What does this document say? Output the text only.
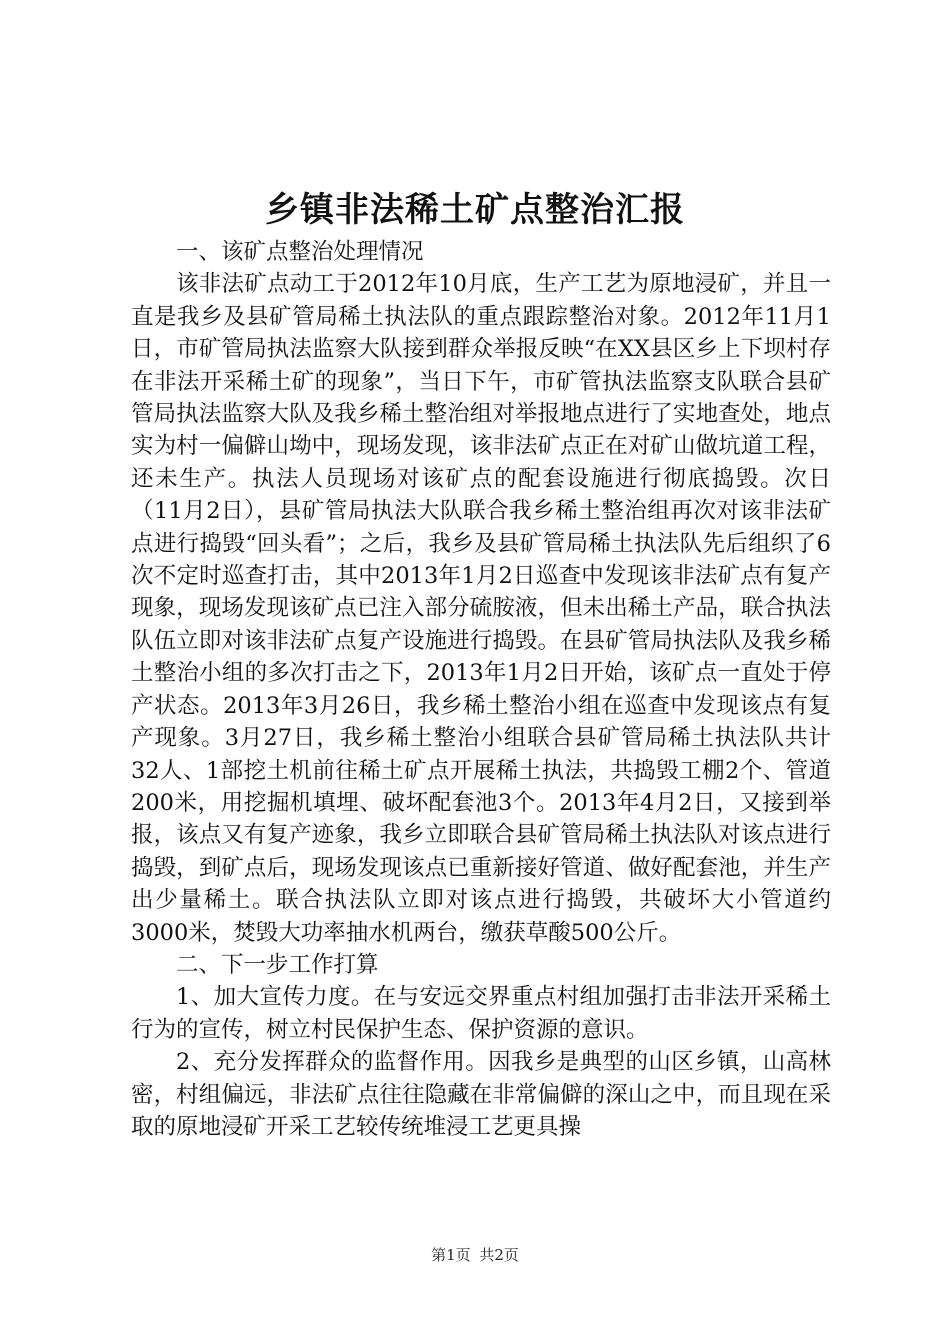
乡镇非法稀土矿点整治汇报

一、该矿点整治处理情况

该非法矿点动工于2012年10月底，生产工艺为原地浸矿，并且一直是我乡及县矿管局稀土执法队的重点跟踪整治对象。2012年11月1日，市矿管局执法监察大队接到群众举报反映“在XX县区乡上下坝村存在非法开采稀土矿的现象”，当日下午，市矿管执法监察支队联合县矿管局执法监察大队及我乡稀土整治组对举报地点进行了实地查处，地点实为村一偏僻山坳中，现场发现，该非法矿点正在对矿山做坑道工程，还未生产。执法人员现场对该矿点的配套设施进行彻底捣毁。次日（11月2日），县矿管局执法大队联合我乡稀土整治组再次对该非法矿点进行捣毁“回头看”；之后，我乡及县矿管局稀土执法队先后组织了6次不定时巡查打击，其中2013年1月2日巡查中发现该非法矿点有复产现象，现场发现该矿点已注入部分硫胺液，但未出稀土产品，联合执法队伍立即对该非法矿点复产设施进行捣毁。在县矿管局执法队及我乡稀土整治小组的多次打击之下，2013年1月2日开始，该矿点一直处于停产状态。2013年3月26日，我乡稀土整治小组在巡查中发现该点有复产现象。3月27日，我乡稀土整治小组联合县矿管局稀土执法队共计32人、1部挖土机前往稀土矿点开展稀土执法，共捣毁工棚2个、管道200米，用挖掘机填埋、破坏配套池3个。2013年4月2日，又接到举报，该点又有复产迹象，我乡立即联合县矿管局稀土执法队对该点进行捣毁，到矿点后，现场发现该点已重新接好管道、做好配套池，并生产出少量稀土。联合执法队立即对该点进行捣毁，共破坏大小管道约3000米，焚毁大功率抽水机两台，缴获草酸500公斤。

二、下一步工作打算

1、加大宣传力度。在与安远交界重点村组加强打击非法开采稀土行为的宣传，树立村民保护生态、保护资源的意识。

2、充分发挥群众的监督作用。因我乡是典型的山区乡镇，山高林密，村组偏远，非法矿点往往隐藏在非常偏僻的深山之中，而且现在采取的原地浸矿开采工艺较传统堆浸工艺更具操

第1页 共2页
